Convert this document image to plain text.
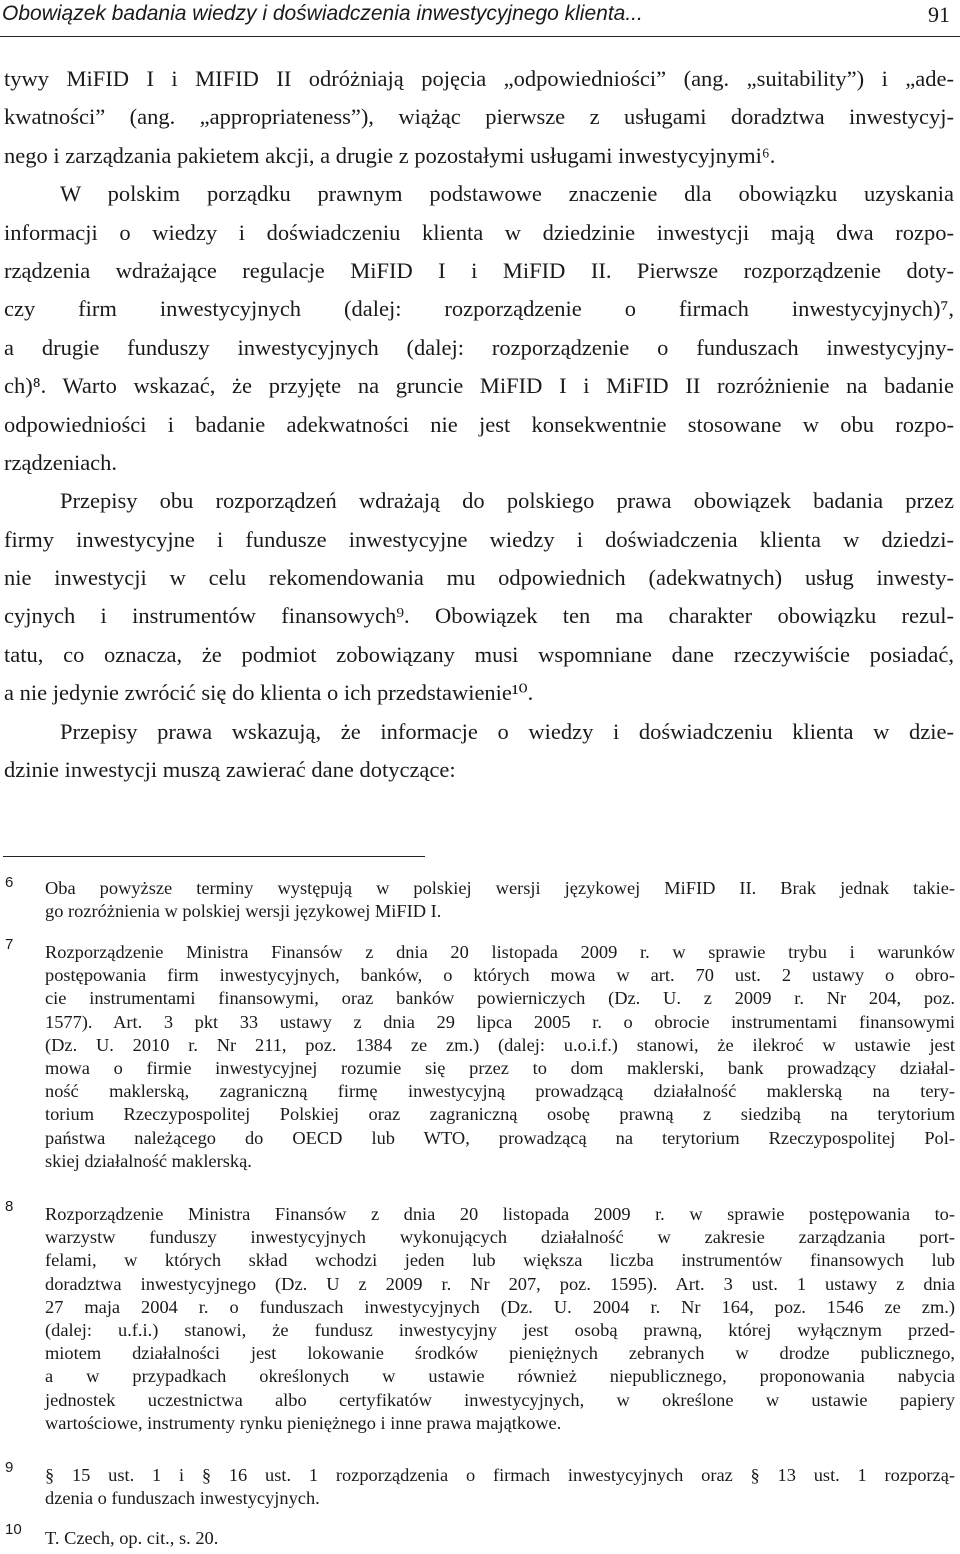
Obowiązek badania wiedzy i doświadczenia inwestycyjnego klienta...	91
tywy MiFID I i MIFID II odróżniają pojęcia „odpowiedniości” (ang. „suitability”) i „ade-
kwatności” (ang. „appropriateness”), wiążąc pierwsze z usługami doradztwa inwestycyj-
nego i zarządzania pakietem akcji, a drugie z pozostałymi usługami inwestycyjnymi⁶.
W polskim porządku prawnym podstawowe znaczenie dla obowiązku uzyskania
informacji o wiedzy i doświadczeniu klienta w dziedzinie inwestycji mają dwa rozpo-
rządzenia wdrażające regulacje MiFID I i MiFID II. Pierwsze rozporządzenie doty-
czy firm inwestycyjnych (dalej: rozporządzenie o firmach inwestycyjnych)⁷,
a drugie funduszy inwestycyjnych (dalej: rozporządzenie o funduszach inwestycyjny-
ch)⁸. Warto wskazać, że przyjęte na gruncie MiFID I i MiFID II rozróżnienie na badanie
odpowiedniości i badanie adekwatności nie jest konsekwentnie stosowane w obu rozpo-
rządzeniach.
Przepisy obu rozporządzeń wdrażają do polskiego prawa obowiązek badania przez
firmy inwestycyjne i fundusze inwestycyjne wiedzy i doświadczenia klienta w dziedzi-
nie inwestycji w celu rekomendowania mu odpowiednich (adekwatnych) usług inwesty-
cyjnych i instrumentów finansowych⁹. Obowiązek ten ma charakter obowiązku rezul-
tatu, co oznacza, że podmiot zobowiązany musi wspomniane dane rzeczywiście posiadać,
a nie jedynie zwrócić się do klienta o ich przedstawienie¹⁰.
Przepisy prawa wskazują, że informacje o wiedzy i doświadczeniu klienta w dzie-
dzinie inwestycji muszą zawierać dane dotyczące:
6 Oba powyższe terminy występują w polskiej wersji językowej MiFID II. Brak jednak takie-
go rozróżnienia w polskiej wersji językowej MiFID I.
7 Rozporządzenie Ministra Finansów z dnia 20 listopada 2009 r. w sprawie trybu i warunków
postępowania firm inwestycyjnych, banków, o których mowa w art. 70 ust. 2 ustawy o obro-
cie instrumentami finansowymi, oraz banków powierniczych (Dz. U. z 2009 r. Nr 204, poz.
1577). Art. 3 pkt 33 ustawy z dnia 29 lipca 2005 r. o obrocie instrumentami finansowymi
(Dz. U. 2010 r. Nr 211, poz. 1384 ze zm.) (dalej: u.o.i.f.) stanowi, że ilekroć w ustawie jest
mowa o firmie inwestycyjnej rozumie się przez to dom maklerski, bank prowadzący działal-
ność maklerską, zagraniczną firmę inwestycyjną prowadzącą działalność maklerską na tery-
torium Rzeczypospolitej Polskiej oraz zagraniczną osobę prawną z siedzibą na terytorium
państwa należącego do OECD lub WTO, prowadzącą na terytorium Rzeczypospolitej Pol-
skiej działalność maklerską.
8 Rozporządzenie Ministra Finansów z dnia 20 listopada 2009 r. w sprawie postępowania to-
warzystw funduszy inwestycyjnych wykonujących działalność w zakresie zarządzania port-
felami, w których skład wchodzi jeden lub większa liczba instrumentów finansowych lub
doradztwa inwestycyjnego (Dz. U z 2009 r. Nr 207, poz. 1595). Art. 3 ust. 1 ustawy z dnia
27 maja 2004 r. o funduszach inwestycyjnych (Dz. U. 2004 r. Nr 164, poz. 1546 ze zm.)
(dalej: u.f.i.) stanowi, że fundusz inwestycyjny jest osobą prawną, której wyłącznym przed-
miotem działalności jest lokowanie środków pieniężnych zebranych w drodze publicznego,
a w przypadkach określonych w ustawie również niepublicznego, proponowania nabycia
jednostek uczestnictwa albo certyfikatów inwestycyjnych, w określone w ustawie papiery
wartościowe, instrumenty rynku pieniężnego i inne prawa majątkowe.
9 § 15 ust. 1 i § 16 ust. 1 rozporządzenia o firmach inwestycyjnych oraz § 13 ust. 1 rozporzą-
dzenia o funduszach inwestycyjnych.
10 T. Czech, op. cit., s. 20.
